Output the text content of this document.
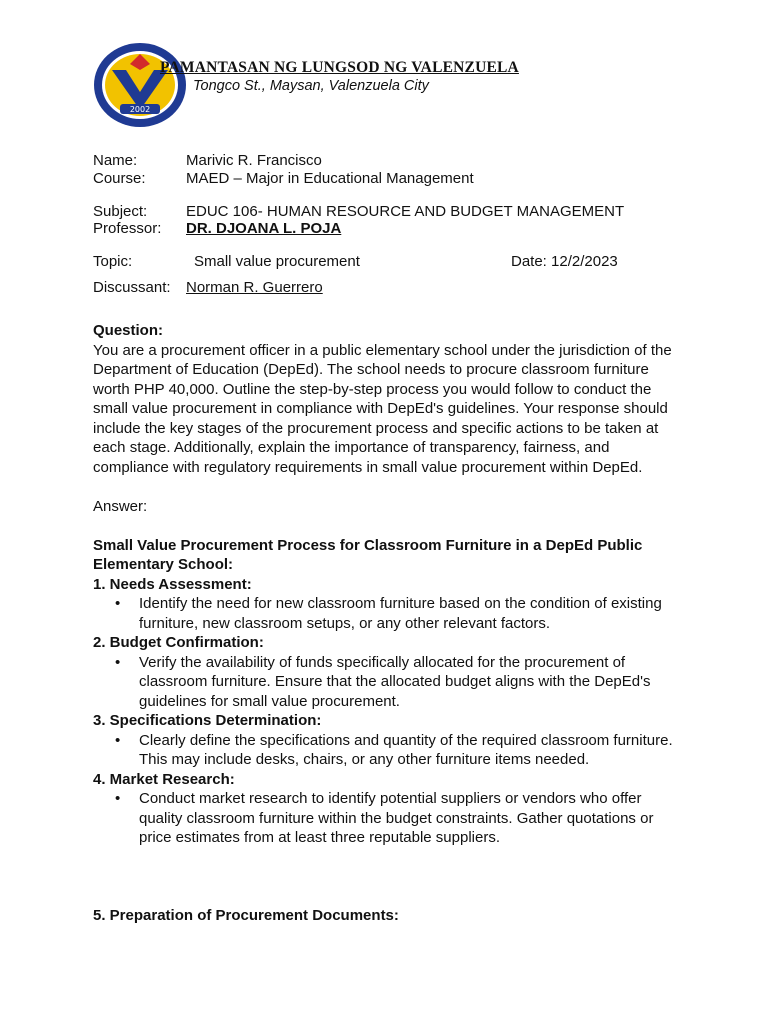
2002
PAMANTASAN NG LUNGSOD NG VALENZUELA

Tongco St., Maysan, Valenzuela City

Name:	Marivic R. Francisco
Course:	MAED – Major in Educational Management
Subject:	EDUC 106- HUMAN RESOURCE AND BUDGET MANAGEMENT
Professor: DR. DJOANA L. POJA
Topic:	Small value procurement	Date: 12/2/2023
Discussant: Norman R. Guerrero

Question:

You are a procurement officer in a public elementary school under the jurisdiction of the Department of Education (DepEd). The school needs to procure classroom furniture worth PHP 40,000. Outline the step-by-step process you would follow to conduct the small value procurement in compliance with DepEd's guidelines. Your response should include the key stages of the procurement process and specific actions to be taken at each stage. Additionally, explain the importance of transparency, fairness, and compliance with regulatory requirements in small value procurement within DepEd.

Answer:

Small Value Procurement Process for Classroom Furniture in a DepEd Public Elementary School:

1. Needs Assessment:

• Identify the need for new classroom furniture based on the condition of existing furniture, new classroom setups, or any other relevant factors.

2. Budget Confirmation:

• Verify the availability of funds specifically allocated for the procurement of classroom furniture. Ensure that the allocated budget aligns with the DepEd's guidelines for small value procurement.

3. Specifications Determination:

• Clearly define the specifications and quantity of the required classroom furniture. This may include desks, chairs, or any other furniture items needed.

4. Market Research:

• Conduct market research to identify potential suppliers or vendors who offer quality classroom furniture within the budget constraints. Gather quotations or price estimates from at least three reputable suppliers.

5. Preparation of Procurement Documents:
